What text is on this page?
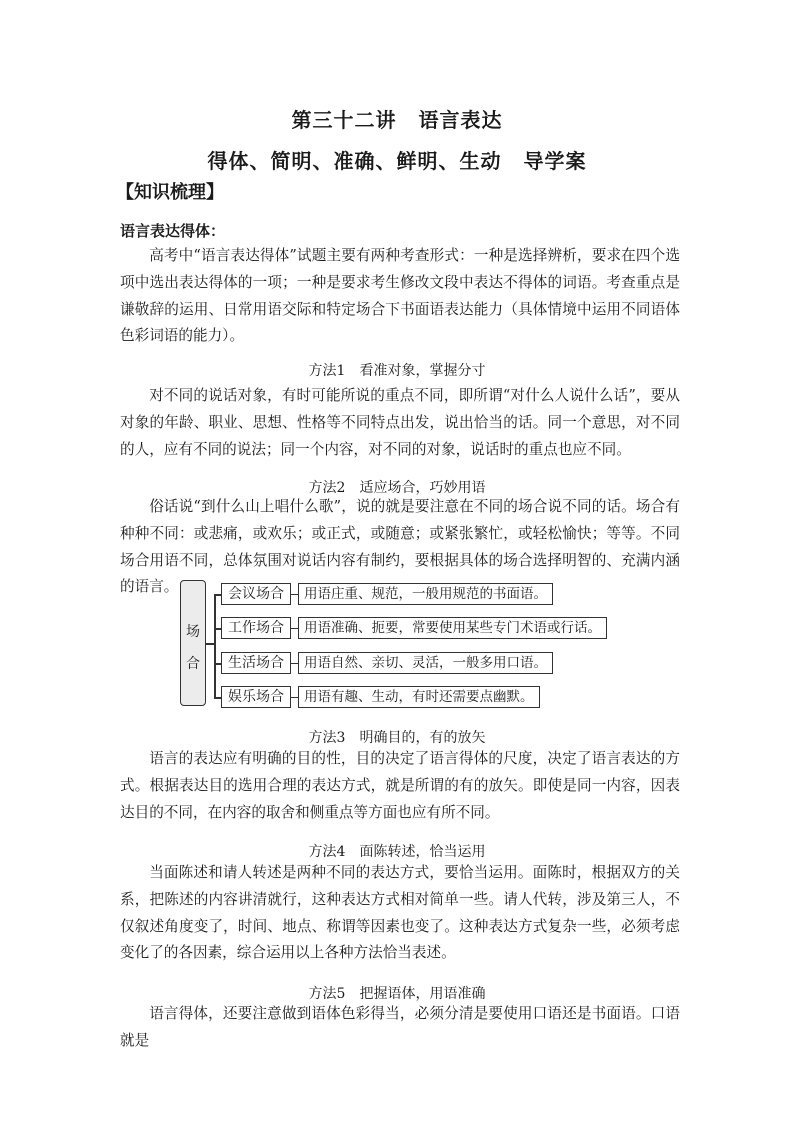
第三十二讲 语言表达
得体、简明、准确、鲜明、生动 导学案
【知识梳理】
语言表达得体：

高考中“语言表达得体”试题主要有两种考查形式：一种是选择辨析，要求在四个选项中选出表达得体的一项；一种是要求考生修改文段中表达不得体的词语。考查重点是谦敬辞的运用、日常用语交际和特定场合下书面语表达能力（具体情境中运用不同语体色彩词语的能力）。

方法1 看准对象，掌握分寸

对不同的说话对象，有时可能所说的重点不同，即所谓“对什么人说什么话”，要从对象的年龄、职业、思想、性格等不同特点出发，说出恰当的话。同一个意思，对不同的人，应有不同的说法；同一个内容，对不同的对象，说话时的重点也应不同。

方法2 适应场合，巧妙用语

俗话说“到什么山上唱什么歌”，说的就是要注意在不同的场合说不同的话。场合有种种不同：或悲痛，或欢乐；或正式，或随意；或紧张繁忙，或轻松愉快；等等。不同场合用语不同，总体氛围对说话内容有制约，要根据具体的场合选择明智的、充满内涵的语言。

场
合
会议场合	用语庄重、规范，一般用规范的书面语。
工作场合	用语准确、扼要，常要使用某些专门术语或行话。
生活场合	用语自然、亲切、灵活，一般多用口语。
娱乐场合	用语有趣、生动，有时还需要点幽默。
方法3 明确目的，有的放矢

语言的表达应有明确的目的性，目的决定了语言得体的尺度，决定了语言表达的方式。根据表达目的选用合理的表达方式，就是所谓的有的放矢。即使是同一内容，因表达目的不同，在内容的取舍和侧重点等方面也应有所不同。

方法4 面陈转述，恰当运用

当面陈述和请人转述是两种不同的表达方式，要恰当运用。面陈时，根据双方的关系，把陈述的内容讲清就行，这种表达方式相对简单一些。请人代转，涉及第三人，不仅叙述角度变了，时间、地点、称谓等因素也变了。这种表达方式复杂一些，必须考虑变化了的各因素，综合运用以上各种方法恰当表述。

方法5 把握语体，用语准确

语言得体，还要注意做到语体色彩得当，必须分清是要使用口语还是书面语。口语就是
